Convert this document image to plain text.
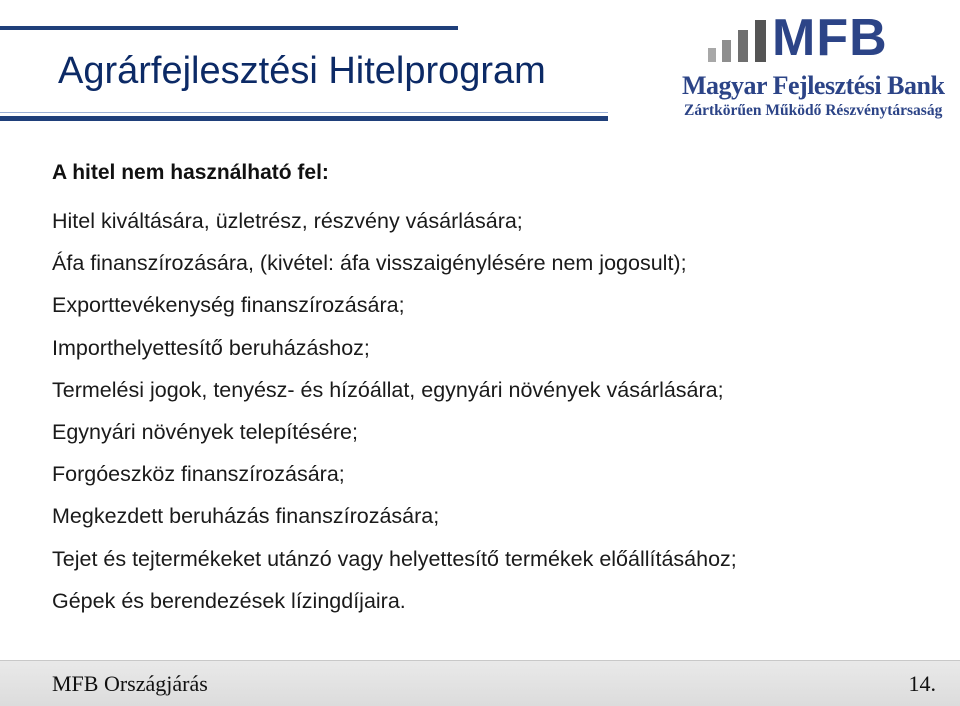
Agrárfejlesztési Hitelprogram
MFB
Magyar Fejlesztési Bank
Zártkörűen Működő Részvénytársaság
A hitel nem használható fel:
Hitel kiváltására, üzletrész, részvény vásárlására;
Áfa finanszírozására, (kivétel: áfa visszaigénylésére nem jogosult);
Exporttevékenység finanszírozására;
Importhelyettesítő beruházáshoz;
Termelési jogok, tenyész- és hízóállat, egynyári növények vásárlására;
Egynyári növények telepítésére;
Forgóeszköz finanszírozására;
Megkezdett beruházás finanszírozására;
Tejet és tejtermékeket utánzó vagy helyettesítő termékek előállításához;
Gépek és berendezések lízingdíjaira.
MFB Országjárás	14.
